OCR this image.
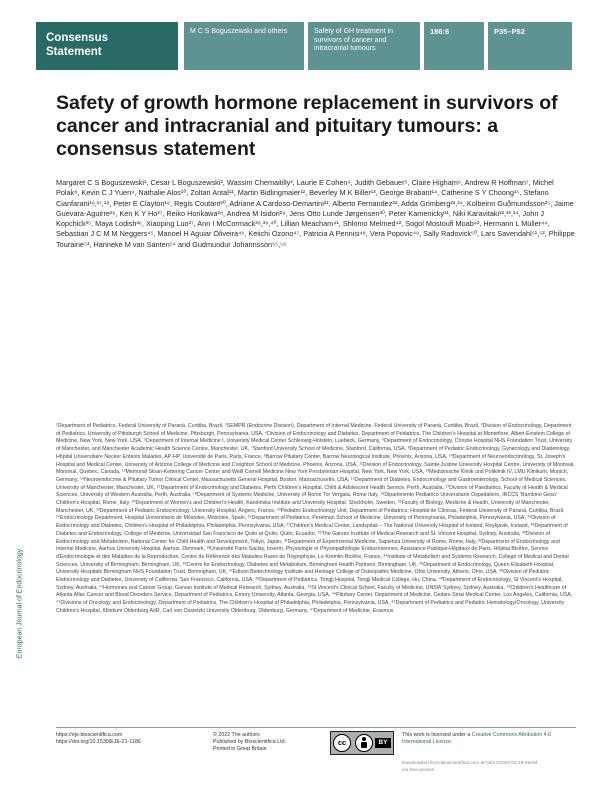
Consensus
Statement
M C S Boguszewski and others	Safety of GH treatment in survivors of cancer and intracranial tumours
186:6	P35–P52
European Journal of Endocrinology
Safety of growth hormone replacement in survivors of cancer and intracranial and pituitary tumours: a consensus statement

Margaret C S Boguszewski¹, Cesar L Boguszewski², Wassim Chemaitilly³, Laurie E Cohen⁴, Judith Gebauer⁵, Claire Higham⁶, Andrew R Hoffman⁷, Michel Polak⁸, Kevin C J Yuen⁹, Nathalie Alos¹⁰, Zoltan Antal¹¹, Martin Bidlingmaier¹², Beverley M K Biller¹³, George Brabant¹⁴, Catherine S Y Choong¹⁵, Stefano Cianfarani¹⁶,¹⁷,¹⁸, Peter E Clayton¹⁹, Regis Coutant²⁰, Adriane A Cardoso-Demartini²¹, Alberto Fernandez²², Adda Grimberg²³,²⁴, Kolbeinn Guðmundsson²⁵, Jaime Guevara-Aguirre²⁶, Ken K Y Ho²⁷, Reiko Horikawa²⁸, Andrea M Isidori²⁹, Jens Otto Lunde Jørgensen³⁰, Peter Kamenicky³¹, Niki Karavitaki³²,³³,³⁴, John J Kopchick³⁵, Maya Lodish³⁶, Xiaoping Luo³⁷, Ann I McCormack³⁸,³⁹,⁴⁰, Lillian Meacham⁴¹, Shlomo Melmed⁴², Sogol Mostoufi Moab⁴³, Hermann L Müller⁴⁴, Sebastian J C M M Neggers⁴⁵, Manoel H Aguiar Oliveira⁴⁶, Keiichi Ozono⁴⁷, Patricia A Pennisi⁴⁸, Vera Popovic⁴⁹, Sally Radovick⁵⁰, Lars Savendahl⁵¹,⁵², Philippe Touraine⁵³, Hanneke M van Santen⁵⁴ and Gudmundur Johannsson⁵⁵,⁵⁶

¹Department of Pediatrics, Federal University of Paraná, Curitiba, Brazil, ²SEMPR (Endocrine Division), Department of Internal Medicine, Federal University of Paraná, Curitiba, Brazil, ³Division of Endocrinology, Department of Pediatrics, University of Pittsburgh School of Medicine, Pittsburgh, Pennsylvania, USA, ⁴Division of Endocrinology and Diabetes, Department of Pediatrics, The Children's Hospital at Montefiore, Albert Einstein College of Medicine, New York, New York, USA, ⁵Department of Internal Medicine I, University Medical Center Schleswig-Holstein, Luebeck, Germany, ⁶Department of Endocrinology, Christie Hospital NHS Foundation Trust, University of Manchester, and Manchester Academic Health Science Centre, Manchester, UK, ⁷Stanford University School of Medicine, Stanford, California, USA, ⁸Department of Pediatric Endocrinology, Gynecology and Diabetology, Hôpital Universitaire Necker Enfants Malades, AP-HP, Université de Paris, Paris, France, ⁹Barrow Pituitary Center, Barrow Neurological Institute, Phoenix, Arizona, USA, ¹⁰Department of Neuroendocrinology, St. Joseph's Hospital and Medical Center, University of Arizona College of Medicine and Creighton School of Medicine, Phoenix, Arizona, USA, ¹¹Division of Endocrinology, Sainte-Justine University Hospital Centre, University of Montreal, Montreal, Quebec, Canada, ¹²Memorial Sloan-Kettering Cancer Center and Weill Cornell Medicine New York Presbyterian Hospital, New York, New York, USA, ¹³Medizinische Klinik und Poliklinik IV, LMU Klinikum, Munich, Germany, ¹⁴Neuroendocrine & Pituitary Tumor Clinical Center, Massachusetts General Hospital, Boston, Massachusetts, USA, ¹⁵Department of Diabetes, Endocrinology and Gastroenterology, School of Medical Sciences, University of Manchester, Manchester, UK, ¹⁶Department of Endocrinology and Diabetes, Perth Children's Hospital, Child & Adolescent Health Service, Perth, Australia, ¹⁷Division of Paediatrics, Faculty of Health & Medical Sciences, University of Western Australia, Perth, Australia, ¹⁸Department of Systems Medicine, University of Rome Tor Vergata, Rome Italy, ¹⁹Dipartimento Pediatrico Universitario Ospedaliero, IRCCS 'Bambino Gesù' Children's Hospital, Rome, Italy, ²⁰Department of Women's and Children's Health, Karolinska Institute and University Hospital, Stockholm, Sweden, ²¹Faculty of Biology, Medicine & Health, University of Manchester, Manchester, UK, ²²Department of Pediatric Endocrinology, University Hospital, Angers, France, ²³Pediatric Endocrinology Unit, Department of Pediatrics, Hospital de Clínicas, Federal University of Paraná, Curitiba, Brazil, ²⁴Endocrinology Department, Hospital Universitario de Móstoles, Móstoles, Spain, ²⁵Department of Pediatrics, Perelman School of Medicine, University of Pennsylvania, Philadelphia, Pennsylvania, USA, ²⁶Division of Endocrinology and Diabetes, Children's Hospital of Philadelphia, Philadelphia, Pennsylvania, USA, ²⁷Children's Medical Center, Landspitali – The National University Hospital of Iceland, Reykjavik, Iceland, ²⁸Department of Diabetes and Endocrinology, College of Medicine, Universidad San Francisco de Quito at Quito, Quito, Ecuador, ²⁹The Garvan Institute of Medical Research and St. Vincent Hospital, Sydney, Australia, ³⁰Division of Endocrinology and Metabolism, National Center for Child Health and Development, Tokyo, Japan, ³¹Department of Experimental Medicine, Sapienza University of Rome, Rome, Italy, ³²Department of Endocrinology and Internal Medicine, Aarhus University Hospital, Aarhus, Denmark, ³³Université Paris-Saclay, Inserm, Physiologie et Physiopathologie Endocriniennes, Assistance Publique-Hôpitaux de Paris, Hôpital Bicêtre, Service d'Endocrinologie et des Maladies de la Reproduction, Centre de Référence des Maladies Rares de l'Hypophyse, Le Kremlin-Bicêtre, France, ³⁴Institute of Metabolism and Systems Research, College of Medical and Dental Sciences, University of Birmingham, Birmingham, UK, ³⁵Centre for Endocrinology, Diabetes and Metabolism, Birmingham Health Partners, Birmingham, UK, ³⁶Department of Endocrinology, Queen Elizabeth Hospital, University Hospitals Birmingham NHS Foundation Trust, Birmingham, UK, ³⁷Edison Biotechnology Institute and Heritage College of Osteopathic Medicine, Ohio University, Athens, Ohio, USA, ³⁸Division of Pediatric Endocrinology and Diabetes, University of California, San Francisco, California, USA, ³⁹Department of Pediatrics, Tongji Hospital, Tongji Medical College, Hu, China, ⁴⁰Department of Endocrinology, St Vincent's Hospital, Sydney, Australia, ⁴¹Hormones and Cancer Group, Garvan Institute of Medical Research, Sydney, Australia, ⁴²St Vincent's Clinical School, Faculty of Medicine, UNSW Sydney, Sydney, Australia, ⁴³Children's Healthcare of Atlanta Aflac Cancer and Blood Disorders Service, Department of Pediatrics, Emory University, Atlanta, Georgia, USA, ⁴⁴Pituitary Center, Department of Medicine, Cedars-Sinai Medical Center, Los Angeles, California, USA, ⁴⁵Divisions of Oncology and Endocrinology, Department of Pediatrics, The Children's Hospital of Philadelphia, Philadelphia, Pennsylvania, USA, ⁴⁶Department of Pediatrics and Pediatric Hematology/Oncology, University Children's Hospital, Klinikum Oldenburg AöR, Carl von Ossietzki University Oldenburg, Oldenburg, Germany, ⁴⁷Department of Medicine, Erasmus

https://eje.bioscientifica.com
https://doi.org/10.1530/EJE-21-1186
© 2022 The authors
Published by Bioscientifica Ltd.
Printed in Great Britain
cc	BY
This work is licensed under a Creative Commons Attribution 4.0 International License.
Downloaded from Bioscientifica.com at 03/17/2022 02:19:49AM
via free access
